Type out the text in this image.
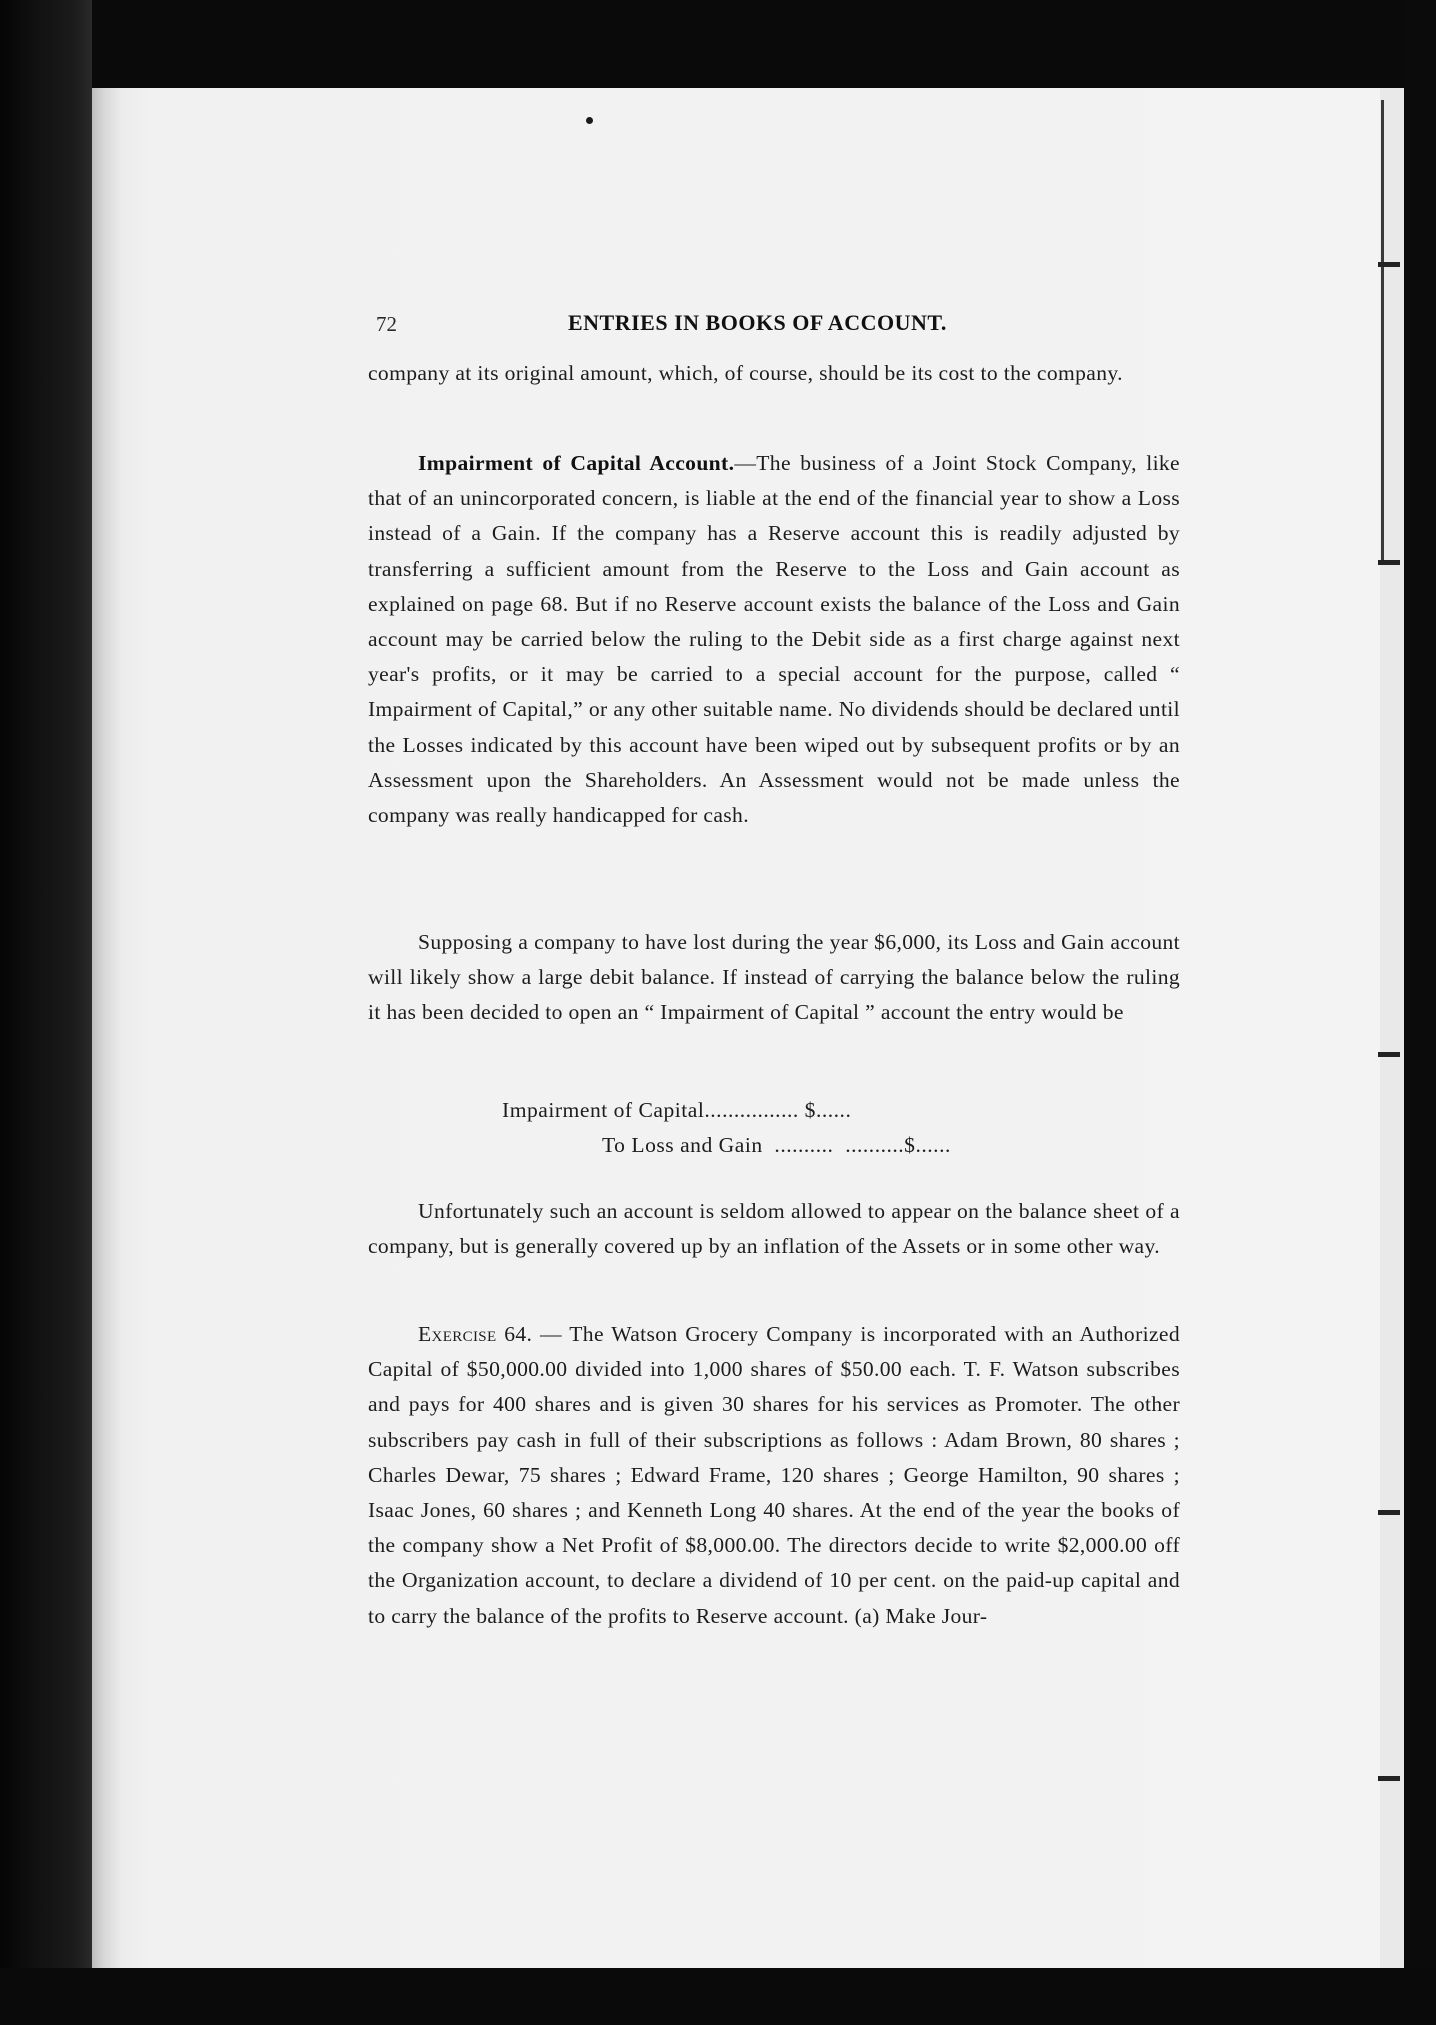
72	ENTRIES IN BOOKS OF ACCOUNT.

company at its original amount, which, of course, should be its cost to the company.

Impairment of Capital Account.—The business of a Joint Stock Company, like that of an unincorporated concern, is liable at the end of the financial year to show a Loss instead of a Gain. If the company has a Reserve account this is readily adjusted by transferring a sufficient amount from the Reserve to the Loss and Gain account as explained on page 68. But if no Reserve account exists the balance of the Loss and Gain account may be carried below the ruling to the Debit side as a first charge against next year's profits, or it may be carried to a special account for the purpose, called “ Impairment of Capital,” or any other suitable name. No dividends should be declared until the Losses indicated by this account have been wiped out by subsequent profits or by an Assessment upon the Shareholders. An Assessment would not be made unless the company was really handicapped for cash.

Supposing a company to have lost during the year $6,000, its Loss and Gain account will likely show a large debit balance. If instead of carrying the balance below the ruling it has been decided to open an “ Impairment of Capital ” account the entry would be

Impairment of Capital................ $......
To Loss and Gain  ..........  ..........$......

Unfortunately such an account is seldom allowed to appear on the balance sheet of a company, but is generally covered up by an inflation of the Assets or in some other way.

Exercise 64. — The Watson Grocery Company is incorporated with an Authorized Capital of $50,000.00 divided into 1,000 shares of $50.00 each. T. F. Watson subscribes and pays for 400 shares and is given 30 shares for his services as Promoter. The other subscribers pay cash in full of their subscriptions as follows : Adam Brown, 80 shares ; Charles Dewar, 75 shares ; Edward Frame, 120 shares ; George Hamilton, 90 shares ; Isaac Jones, 60 shares ; and Kenneth Long 40 shares. At the end of the year the books of the company show a Net Profit of $8,000.00. The directors decide to write $2,000.00 off the Organization account, to declare a dividend of 10 per cent. on the paid-up capital and to carry the balance of the profits to Reserve account. (a) Make Jour-
